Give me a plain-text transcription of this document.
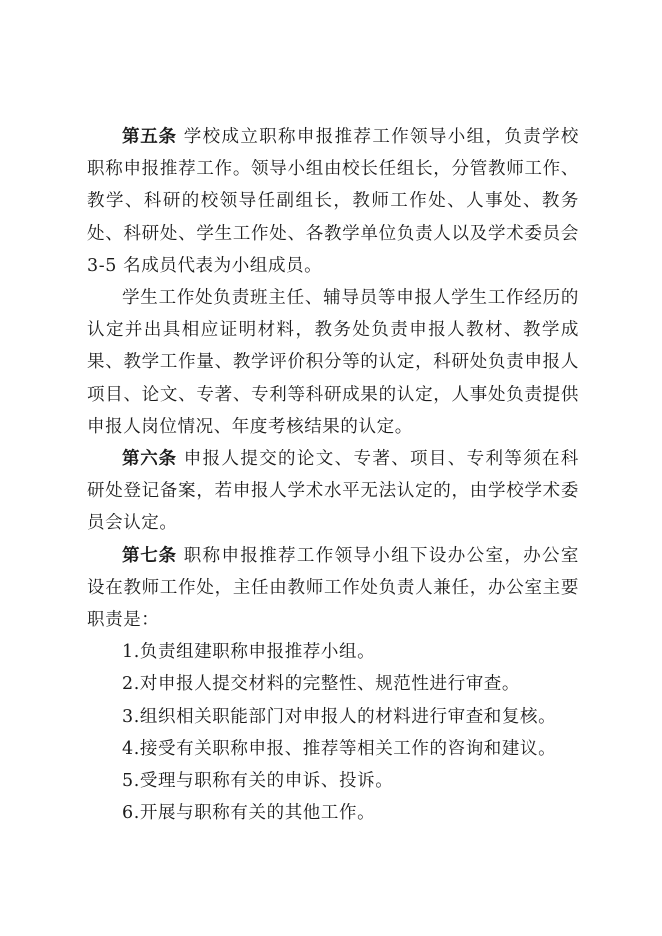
第五条 学校成立职称申报推荐工作领导小组，负责学校职称申报推荐工作。领导小组由校长任组长，分管教师工作、教学、科研的校领导任副组长，教师工作处、人事处、教务处、科研处、学生工作处、各教学单位负责人以及学术委员会 3-5 名成员代表为小组成员。

学生工作处负责班主任、辅导员等申报人学生工作经历的认定并出具相应证明材料，教务处负责申报人教材、教学成果、教学工作量、教学评价积分等的认定，科研处负责申报人项目、论文、专著、专利等科研成果的认定，人事处负责提供申报人岗位情况、年度考核结果的认定。

第六条 申报人提交的论文、专著、项目、专利等须在科研处登记备案，若申报人学术水平无法认定的，由学校学术委员会认定。

第七条 职称申报推荐工作领导小组下设办公室，办公室设在教师工作处，主任由教师工作处负责人兼任，办公室主要职责是：

1.负责组建职称申报推荐小组。
2.对申报人提交材料的完整性、规范性进行审查。
3.组织相关职能部门对申报人的材料进行审查和复核。
4.接受有关职称申报、推荐等相关工作的咨询和建议。
5.受理与职称有关的申诉、投诉。
6.开展与职称有关的其他工作。
